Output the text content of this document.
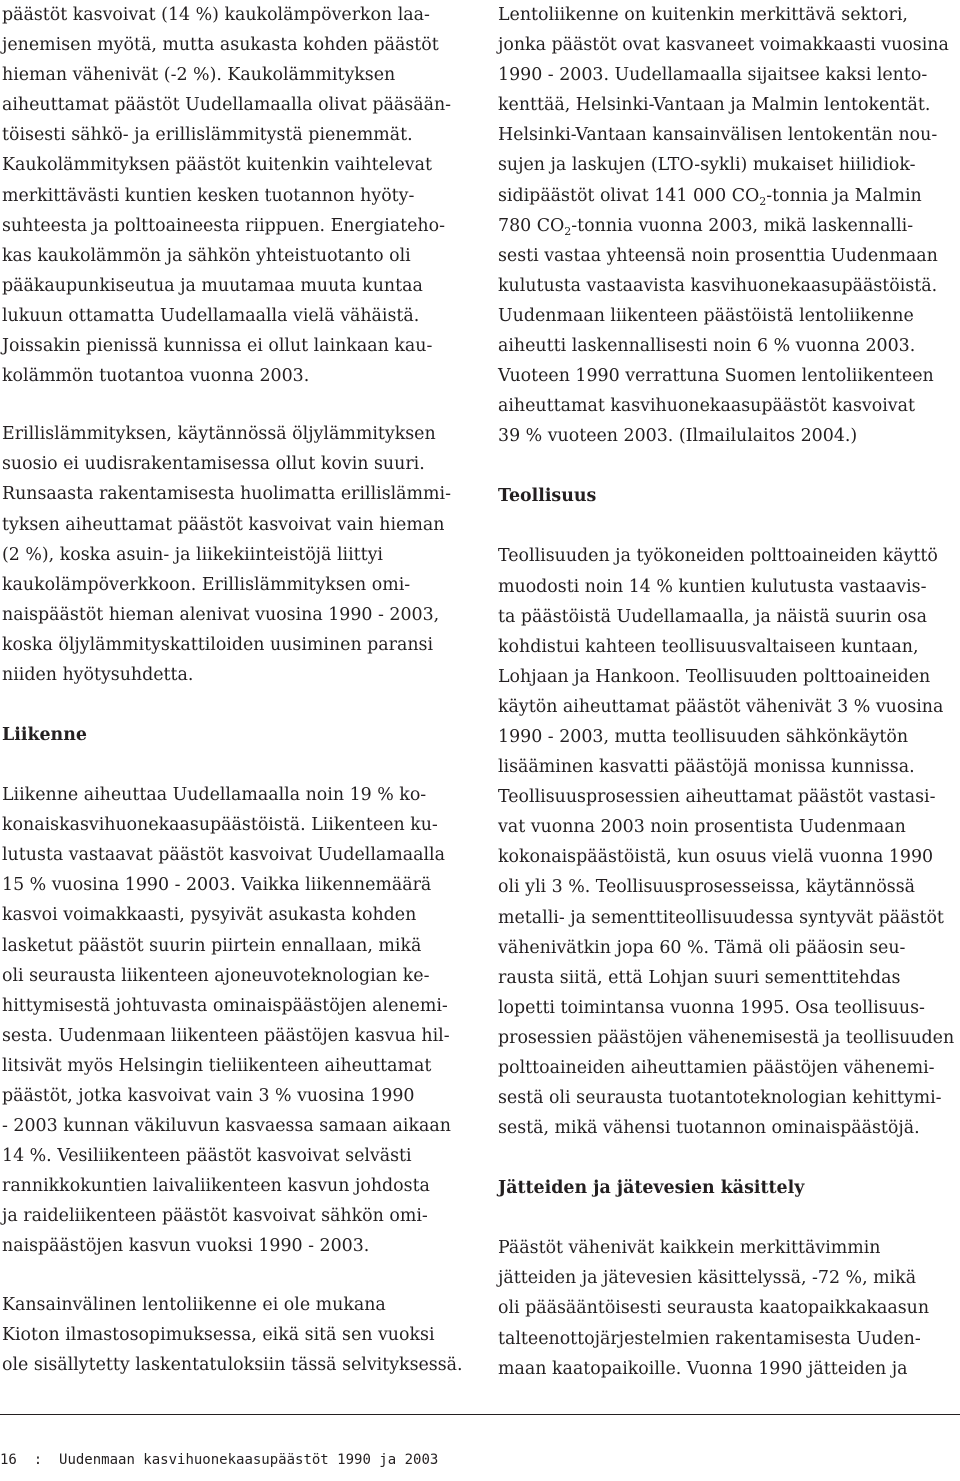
päästöt kasvoivat (14 %) kaukolämpöverkon laa-
jenemisen myötä, mutta asukasta kohden päästöt
hieman vähenivät (-2 %). Kaukolämmityksen
aiheuttamat päästöt Uudellamaalla olivat pääsään-
töisesti sähkö- ja erillislämmitystä pienemmät.
Kaukolämmityksen päästöt kuitenkin vaihtelevat
merkittävästi kuntien kesken tuotannon hyöty-
suhteesta ja polttoaineesta riippuen. Energiateho-
kas kaukolämmön ja sähkön yhteistuotanto oli
pääkaupunkiseutua ja muutamaa muuta kuntaa
lukuun ottamatta Uudellamaalla vielä vähäistä.
Joissakin pienissä kunnissa ei ollut lainkaan kau-
kolämmön tuotantoa vuonna 2003.

Erillislämmityksen, käytännössä öljylämmityksen
suosio ei uudisrakentamisessa ollut kovin suuri.
Runsaasta rakentamisesta huolimatta erillislämmi-
tyksen aiheuttamat päästöt kasvoivat vain hieman
(2 %), koska asuin- ja liikekiinteistöjä liittyi
kaukolämpöverkkoon. Erillislämmityksen omi-
naispäästöt hieman alenivat vuosina 1990 - 2003,
koska öljylämmityskattiloiden uusiminen paransi
niiden hyötysuhdetta.

Liikenne

Liikenne aiheuttaa Uudellamaalla noin 19 % ko-
konaiskasvihuonekaasupäästöistä. Liikenteen ku-
lutusta vastaavat päästöt kasvoivat Uudellamaalla
15 % vuosina 1990 - 2003. Vaikka liikennemäärä
kasvoi voimakkaasti, pysyivät asukasta kohden
lasketut päästöt suurin piirtein ennallaan, mikä
oli seurausta liikenteen ajoneuvoteknologian ke-
hittymisestä johtuvasta ominaispäästöjen alenemi-
sesta. Uudenmaan liikenteen päästöjen kasvua hil-
litsivät myös Helsingin tieliikenteen aiheuttamat
päästöt, jotka kasvoivat vain 3 % vuosina 1990
- 2003 kunnan väkiluvun kasvaessa samaan aikaan
14 %. Vesiliikenteen päästöt kasvoivat selvästi
rannikkokuntien laivaliikenteen kasvun johdosta
ja raideliikenteen päästöt kasvoivat sähkön omi-
naispäästöjen kasvun vuoksi 1990 - 2003.

Kansainvälinen lentoliikenne ei ole mukana
Kioton ilmastosopimuksessa, eikä sitä sen vuoksi
ole sisällytetty laskentatuloksiin tässä selvityksessä.

Lentoliikenne on kuitenkin merkittävä sektori,
jonka päästöt ovat kasvaneet voimakkaasti vuosina
1990 - 2003. Uudellamaalla sijaitsee kaksi lento-
kenttää, Helsinki-Vantaan ja Malmin lentokentät.
Helsinki-Vantaan kansainvälisen lentokentän nou-
sujen ja laskujen (LTO-sykli) mukaiset hiilidiok-
sidipäästöt olivat 141 000 $CO_2$-tonnia ja Malmin
780 $CO_2$-tonnia vuonna 2003, mikä laskennalli-
sesti vastaa yhteensä noin prosenttia Uudenmaan
kulutusta vastaavista kasvihuonekaasupäästöistä.
Uudenmaan liikenteen päästöistä lentoliikenne
aiheutti laskennallisesti noin 6 % vuonna 2003.
Vuoteen 1990 verrattuna Suomen lentoliikenteen
aiheuttamat kasvihuonekaasupäästöt kasvoivat
39 % vuoteen 2003. (Ilmailulaitos 2004.)

Teollisuus

Teollisuuden ja työkoneiden polttoaineiden käyttö
muodosti noin 14 % kuntien kulutusta vastaavis-
ta päästöistä Uudellamaalla, ja näistä suurin osa
kohdistui kahteen teollisuusvaltaiseen kuntaan,
Lohjaan ja Hankoon. Teollisuuden polttoaineiden
käytön aiheuttamat päästöt vähenivät 3 % vuosina
1990 - 2003, mutta teollisuuden sähkönkäytön
lisääminen kasvatti päästöjä monissa kunnissa.
Teollisuusprosessien aiheuttamat päästöt vastasi-
vat vuonna 2003 noin prosentista Uudenmaan
kokonaispäästöistä, kun osuus vielä vuonna 1990
oli yli 3 %. Teollisuusprosesseissa, käytännössä
metalli- ja sementtiteollisuudessa syntyvät päästöt
vähenivätkin jopa 60 %. Tämä oli pääosin seu-
rausta siitä, että Lohjan suuri sementtitehdas
lopetti toimintansa vuonna 1995. Osa teollisuus-
prosessien päästöjen vähenemisestä ja teollisuuden
polttoaineiden aiheuttamien päästöjen vähenemi-
sestä oli seurausta tuotantoteknologian kehittymi-
sestä, mikä vähensi tuotannon ominaispäästöjä.

Jätteiden ja jätevesien käsittely

Päästöt vähenivät kaikkein merkittävimmin
jätteiden ja jätevesien käsittelyssä, -72 %, mikä
oli pääsääntöisesti seurausta kaatopaikkakaasun
talteenottojärjestelmien rakentamisesta Uuden-
maan kaatopaikoille. Vuonna 1990 jätteiden ja

16 : Uudenmaan kasvihuonekaasupäästöt 1990 ja 2003
